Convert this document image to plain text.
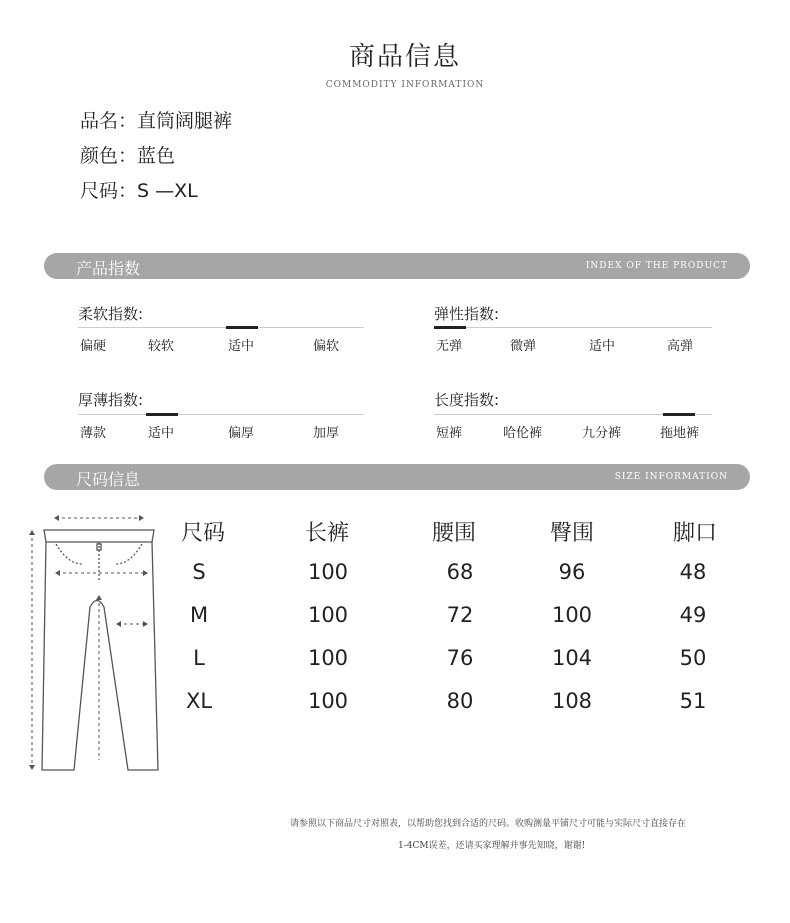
商品信息
COMMODITY INFORMATION
品名：直筒阔腿裤
颜色：蓝色
尺码：S —XL
产品指数	INDEX OF THE PRODUCT
柔软指数:
偏硬	较软	适中	偏软
弹性指数:
无弹	微弹	适中	高弹
厚薄指数:
薄款	适中	偏厚	加厚
长度指数:
短裤	哈伦裤	九分裤	拖地裤
尺码信息	SIZE INFORMATION
尺码	长裤	腰围	臀围	脚口
S	100	68	96	48
M	100	72	100	49
L	100	76	104	50
XL	100	80	108	51
请参照以下商品尺寸对照表，以帮助您找到合适的尺码。收购测量平铺尺寸可能与实际尺寸直接存在
1-4CM误差，还请买家理解并事先知晓，谢谢!
